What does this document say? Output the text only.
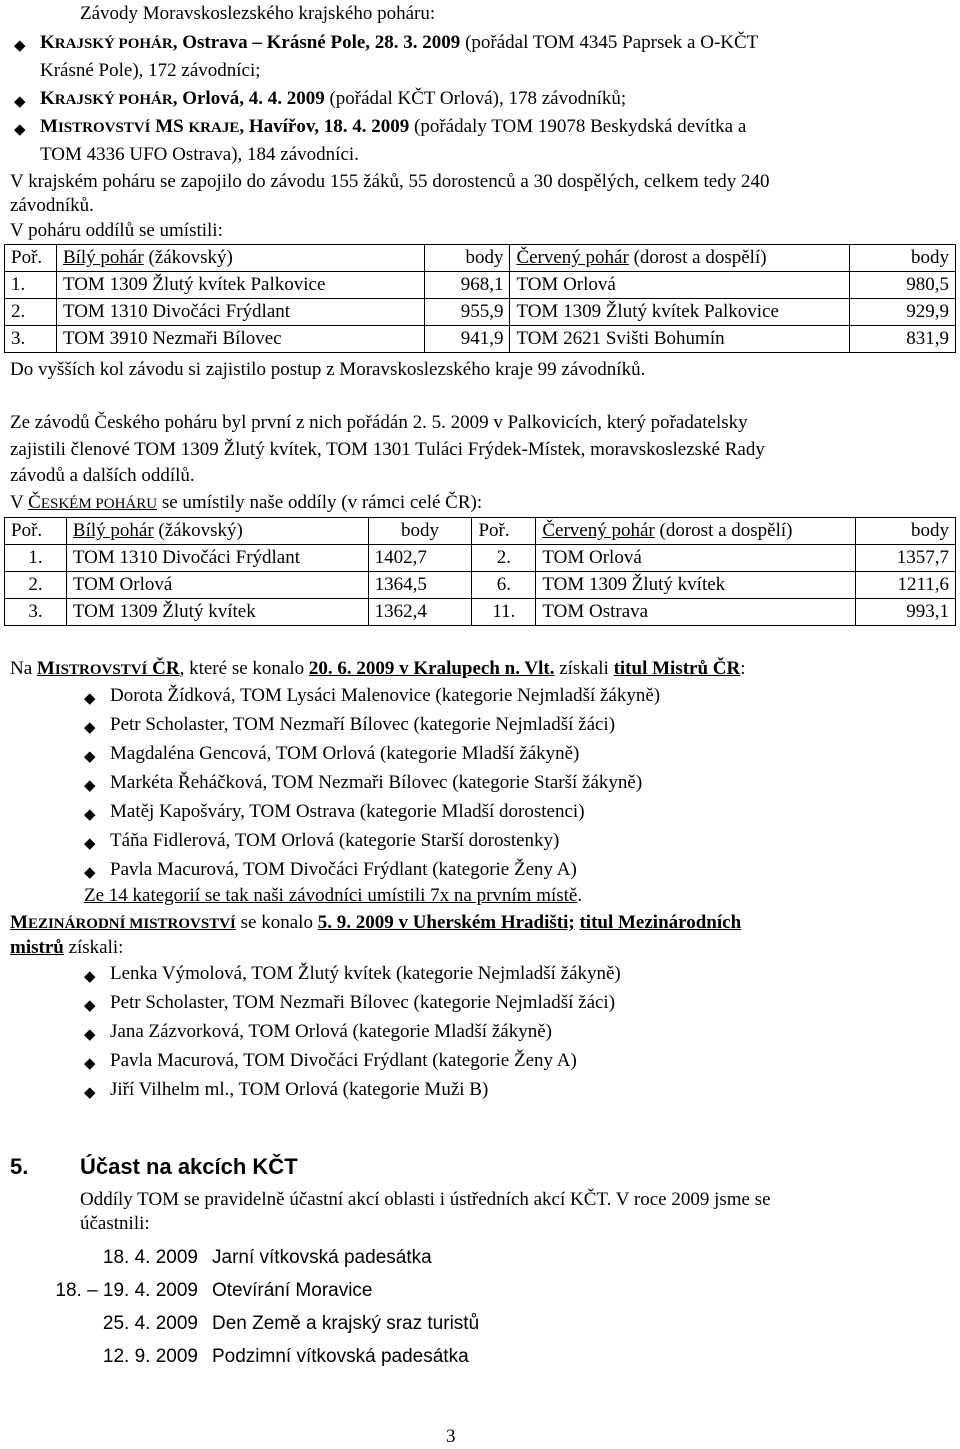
Závody Moravskoslezského krajského poháru:
◆ KRAJSKÝ POHÁR, Ostrava – Krásné Pole, 28. 3. 2009 (pořádal TOM 4345 Paprsek a O-KČT
Krásné Pole), 172 závodníci;
◆ KRAJSKÝ POHÁR, Orlová, 4. 4. 2009 (pořádal KČT Orlová), 178 závodníků;
◆ MISTROVSTVÍ MS KRAJE, Havířov, 18. 4. 2009 (pořádaly TOM 19078 Beskydská devítka a
TOM 4336 UFO Ostrava), 184 závodníci.
V krajském poháru se zapojilo do závodu 155 žáků, 55 dorostenců a 30 dospělých, celkem tedy 240
závodníků.
V poháru oddílů se umístili:
Poř.	Bílý pohár (žákovský)	body	Červený pohár (dorost a dospělí)	body
1.	TOM 1309 Žlutý kvítek Palkovice	968,1	TOM Orlová	980,5
2.	TOM 1310 Divočáci Frýdlant	955,9	TOM 1309 Žlutý kvítek Palkovice	929,9
3.	TOM 3910 Nezmaři Bílovec	941,9	TOM 2621 Svišti Bohumín	831,9
Do vyšších kol závodu si zajistilo postup z Moravskoslezského kraje 99 závodníků.
Ze závodů Českého poháru byl první z nich pořádán 2. 5. 2009 v Palkovicích, který pořadatelsky
zajistili členové TOM 1309 Žlutý kvítek, TOM 1301 Tuláci Frýdek-Místek, moravskoslezské Rady
závodů a dalších oddílů.
V ČESKÉM POHÁRU se umístily naše oddíly (v rámci celé ČR):
Poř.	Bílý pohár (žákovský)	body	Poř.	Červený pohár (dorost a dospělí)	body
1.	TOM 1310 Divočáci Frýdlant	1402,7	2.	TOM Orlová	1357,7
2.	TOM Orlová	1364,5	6.	TOM 1309 Žlutý kvítek	1211,6
3.	TOM 1309 Žlutý kvítek	1362,4	11.	TOM Ostrava	993,1
Na MISTROVSTVÍ ČR, které se konalo 20. 6. 2009 v Kralupech n. Vlt. získali titul Mistrů ČR:
◆ Dorota Žídková, TOM Lysáci Malenovice (kategorie Nejmladší žákyně)
◆ Petr Scholaster, TOM Nezmaří Bílovec (kategorie Nejmladší žáci)
◆ Magdaléna Gencová, TOM Orlová (kategorie Mladší žákyně)
◆ Markéta Řeháčková, TOM Nezmaři Bílovec (kategorie Starší žákyně)
◆ Matěj Kapošváry, TOM Ostrava (kategorie Mladší dorostenci)
◆ Táňa Fidlerová, TOM Orlová (kategorie Starší dorostenky)
◆ Pavla Macurová, TOM Divočáci Frýdlant (kategorie Ženy A)
Ze 14 kategorií se tak naši závodníci umístili 7x na prvním místě.
MEZINÁRODNÍ MISTROVSTVÍ se konalo 5. 9. 2009 v Uherském Hradišti; titul Mezinárodních
mistrů získali:
◆ Lenka Výmolová, TOM Žlutý kvítek (kategorie Nejmladší žákyně)
◆ Petr Scholaster, TOM Nezmaři Bílovec (kategorie Nejmladší žáci)
◆ Jana Zázvorková, TOM Orlová (kategorie Mladší žákyně)
◆ Pavla Macurová, TOM Divočáci Frýdlant (kategorie Ženy A)
◆ Jiří Vilhelm ml., TOM Orlová (kategorie Muži B)
5. Účast na akcích KČT
Oddíly TOM se pravidelně účastní akcí oblasti i ústředních akcí KČT. V roce 2009 jsme se
účastnili:
18. 4. 2009 Jarní vítkovská padesátka
18. – 19. 4. 2009 Otevírání Moravice
25. 4. 2009 Den Země a krajský sraz turistů
12. 9. 2009 Podzimní vítkovská padesátka
3
